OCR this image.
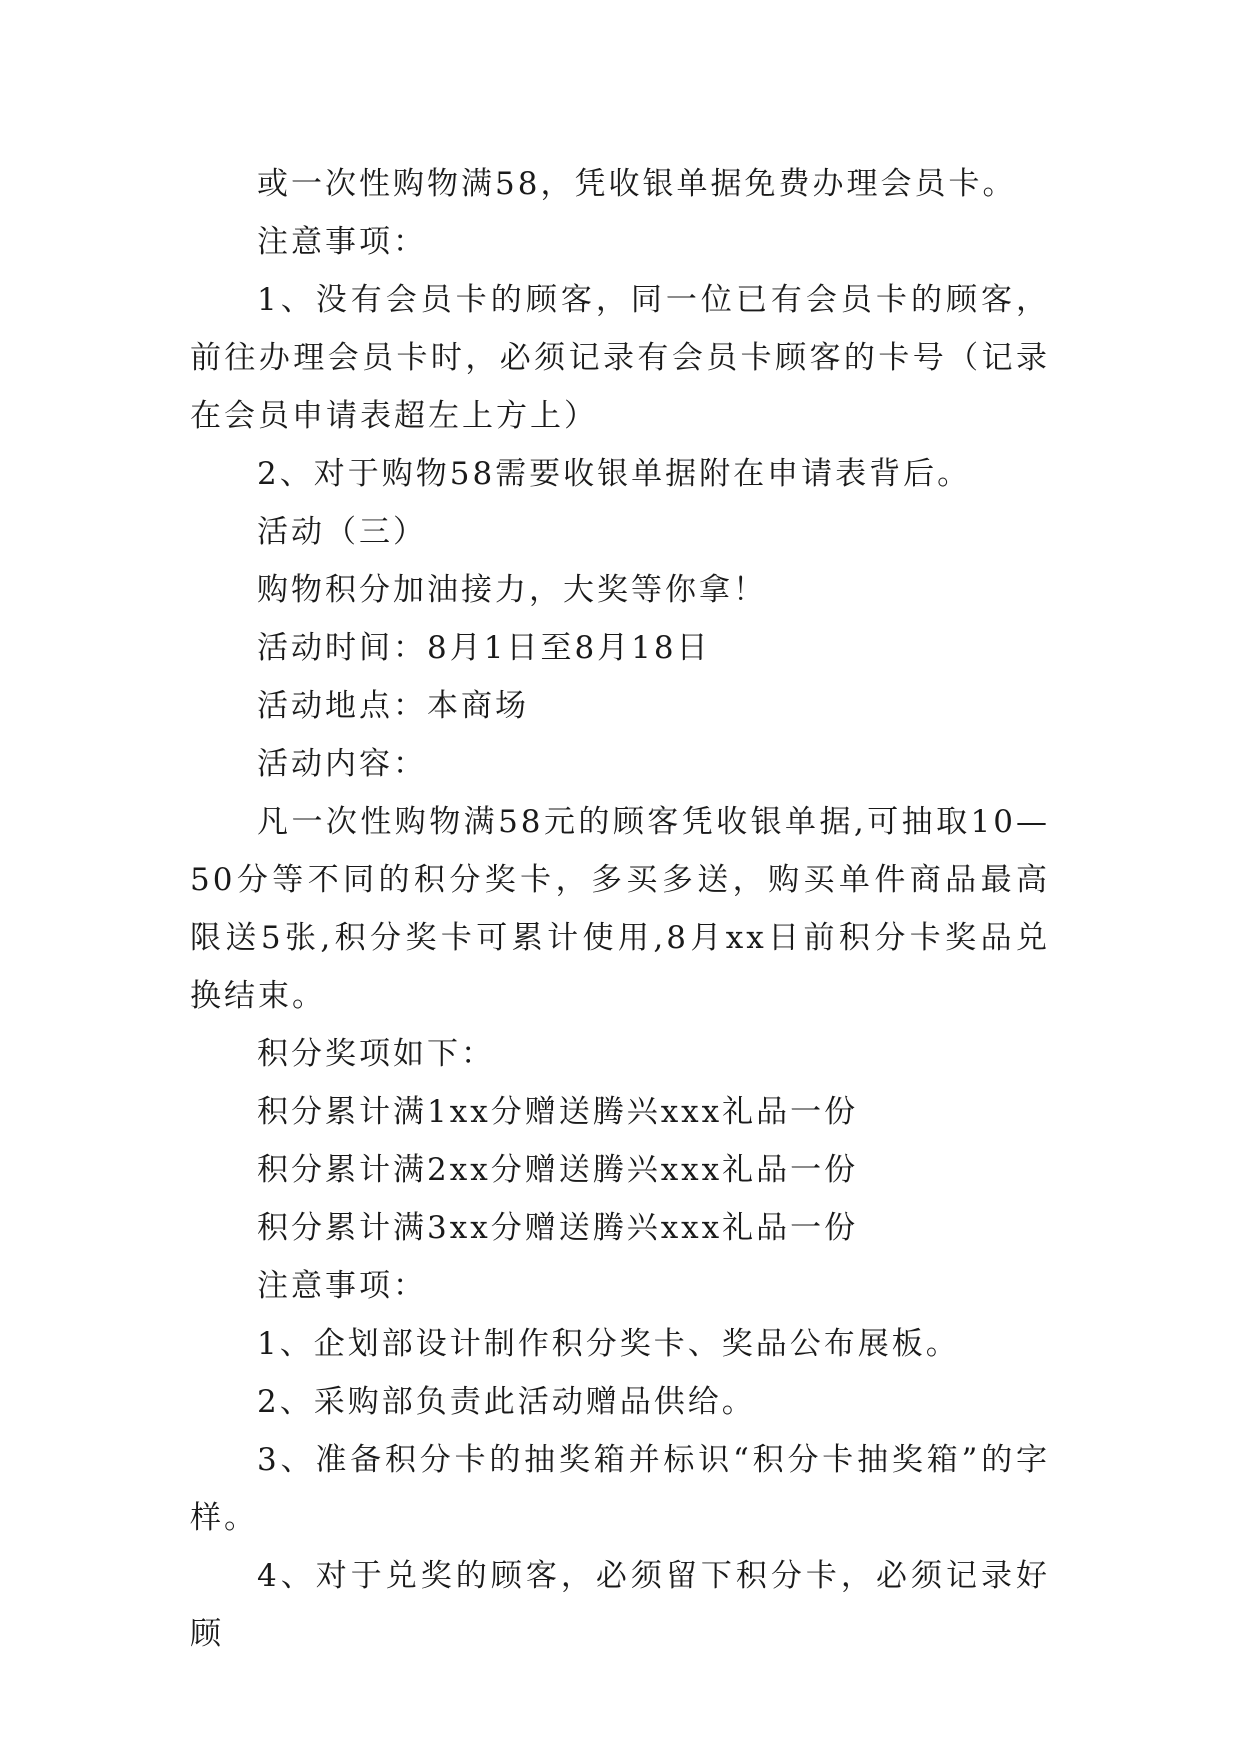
或一次性购物满58，凭收银单据免费办理会员卡。

注意事项：

1、没有会员卡的顾客，同一位已有会员卡的顾客，前往办理会员卡时，必须记录有会员卡顾客的卡号（记录在会员申请表超左上方上）

2、对于购物58需要收银单据附在申请表背后。

活动（三）

购物积分加油接力，大奖等你拿！

活动时间：8月1日至8月18日

活动地点：本商场

活动内容：

凡一次性购物满58元的顾客凭收银单据,可抽取10—50分等不同的积分奖卡，多买多送，购买单件商品最高限送5张,积分奖卡可累计使用,8月xx日前积分卡奖品兑换结束。

积分奖项如下：

积分累计满1xx分赠送腾兴xxx礼品一份

积分累计满2xx分赠送腾兴xxx礼品一份

积分累计满3xx分赠送腾兴xxx礼品一份

注意事项：

1、企划部设计制作积分奖卡、奖品公布展板。

2、采购部负责此活动赠品供给。

3、准备积分卡的抽奖箱并标识“积分卡抽奖箱”的字样。

4、对于兑奖的顾客，必须留下积分卡，必须记录好顾
